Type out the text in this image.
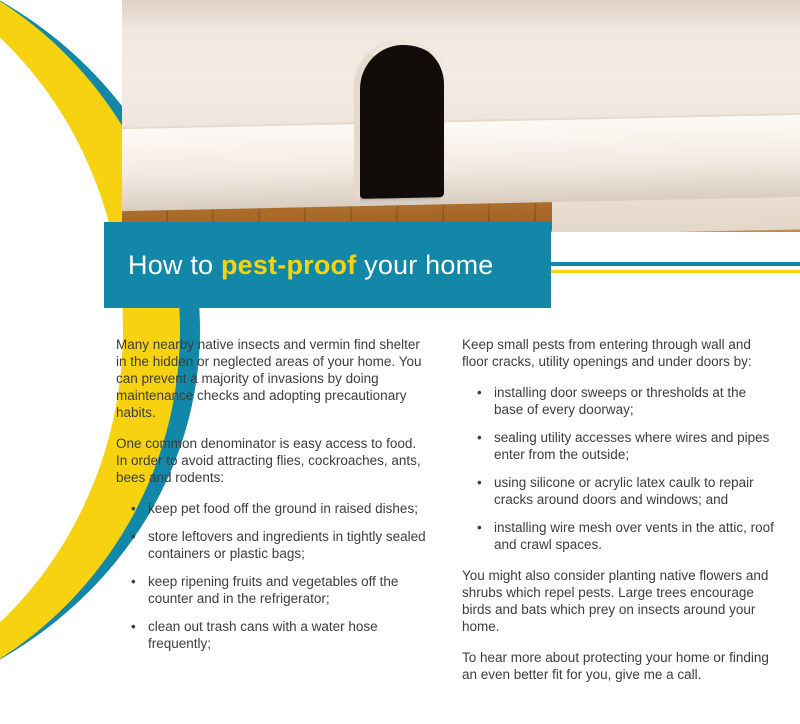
How to pest-proof your home

Many nearby native insects and vermin find shelter in the hidden or neglected areas of your home. You can prevent a majority of invasions by doing maintenance checks and adopting precautionary habits.

One common denominator is easy access to food. In order to avoid attracting flies, cockroaches, ants, bees and rodents:

• keep pet food off the ground in raised dishes;
• store leftovers and ingredients in tightly sealed containers or plastic bags;
• keep ripening fruits and vegetables off the counter and in the refrigerator;
• clean out trash cans with a water hose frequently;

Keep small pests from entering through wall and floor cracks, utility openings and under doors by:

• installing door sweeps or thresholds at the base of every doorway;
• sealing utility accesses where wires and pipes enter from the outside;
• using silicone or acrylic latex caulk to repair cracks around doors and windows; and
• installing wire mesh over vents in the attic, roof and crawl spaces.

You might also consider planting native flowers and shrubs which repel pests. Large trees encourage birds and bats which prey on insects around your home.

To hear more about protecting your home or finding an even better fit for you, give me a call.
